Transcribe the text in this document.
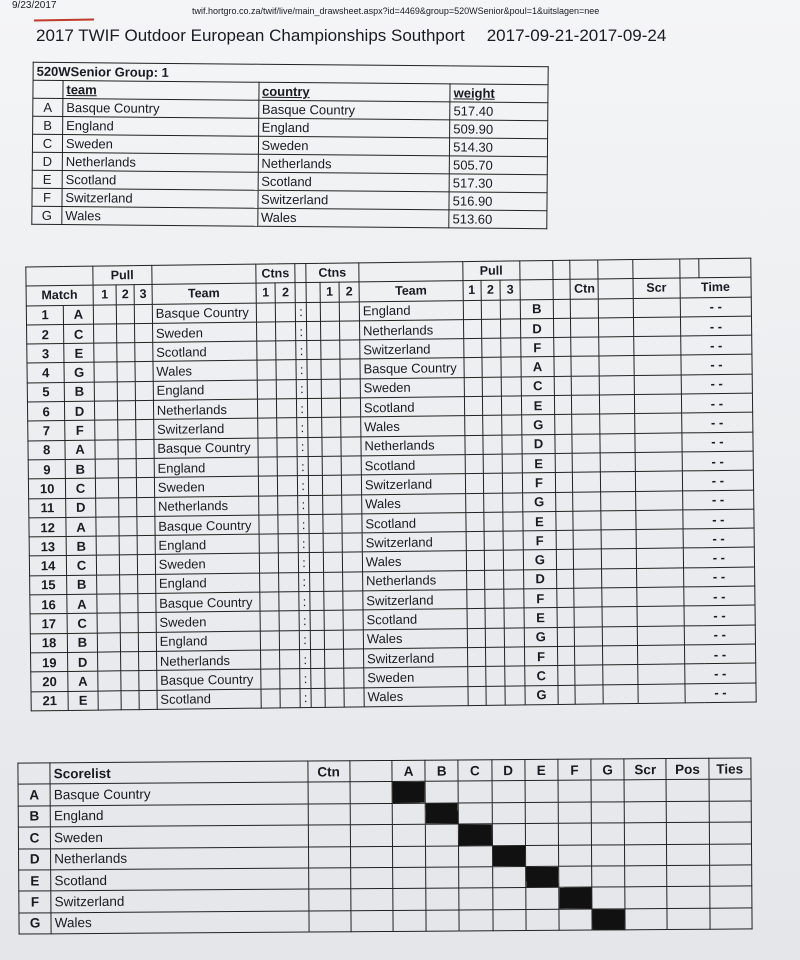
9/23/2017	twif.hortgro.co.za/twif/live/main_drawsheet.aspx?id=4469&group=520WSenior&poul=1&uitslagen=nee
2017 TWIF Outdoor European Championships Southport 2017-09-21-2017-09-24
520WSenior Group: 1			
	team	country	weight
A	Basque Country	Basque Country	517.40
B	England	England	509.90
C	Sweden	Sweden	514.30
D	Netherlands	Netherlands	505.70
E	Scotland	Scotland	517.30
F	Switzerland	Switzerland	516.90
G	Wales	Wales	513.60
		Pull				Ctns			Ctns				Pull									
Match		1	2	3	Team	1	2			1	2	Team	1	2	3			Ctn		Scr	Time	
1	A				Basque Country			:				England				B					- -	
2	C				Sweden			:				Netherlands				D					- -	
3	E				Scotland			:				Switzerland				F					- -	
4	G				Wales			:				Basque Country				A					- -	
5	B				England			:				Sweden				C					- -	
6	D				Netherlands			:				Scotland				E					- -	
7	F				Switzerland			:				Wales				G					- -	
8	A				Basque Country			:				Netherlands				D					- -	
9	B				England			:				Scotland				E					- -	
10	C				Sweden			:				Switzerland				F					- -	
11	D				Netherlands			:				Wales				G					- -	
12	A				Basque Country			:				Scotland				E					- -	
13	B				England			:				Switzerland				F					- -	
14	C				Sweden			:				Wales				G					- -	
15	B				England			:				Netherlands				D					- -	
16	A				Basque Country			:				Switzerland				F					- -	
17	C				Sweden			:				Scotland				E					- -	
18	B				England			:				Wales				G					- -	
19	D				Netherlands			:				Switzerland				F					- -	
20	A				Basque Country			:				Sweden				C					- -	
21	E				Scotland			:				Wales				G					- -	
	Scorelist	Ctn		A	B	C	D	E	F	G	Scr	Pos	Ties
A	Basque Country												
B	England												
C	Sweden												
D	Netherlands												
E	Scotland												
F	Switzerland												
G	Wales												
